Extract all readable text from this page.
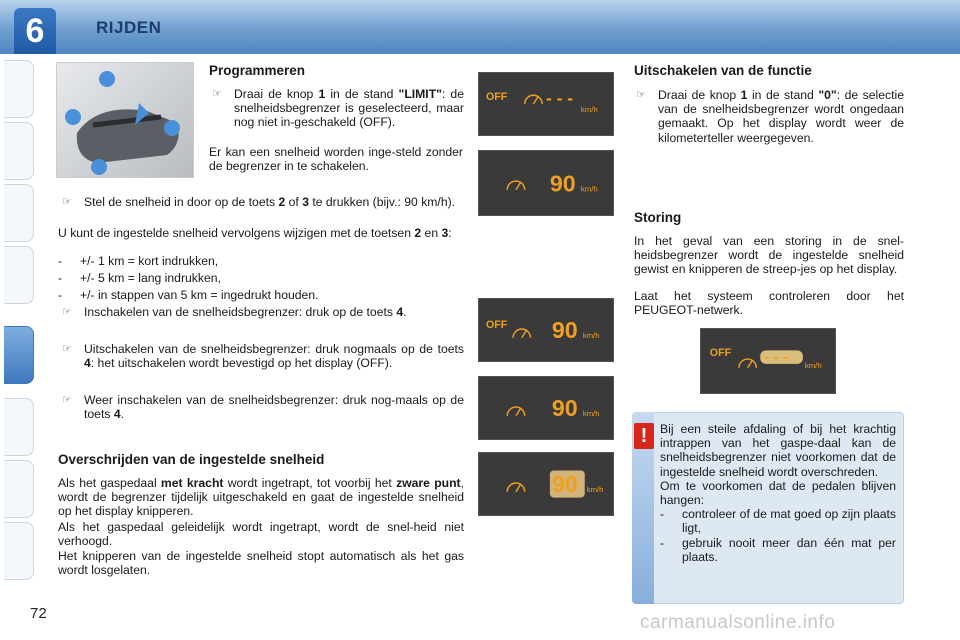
6	RIJDEN
Programmeren
☞ Draai de knop 1 in de stand "LIMIT": de snelheidsbegrenzer is geselecteerd, maar nog niet in-geschakeld (OFF).
Er kan een snelheid worden inge-steld zonder de begrenzer in te schakelen.
☞ Stel de snelheid in door op de toets 2 of 3 te drukken (bijv.: 90 km/h).
U kunt de ingestelde snelheid vervolgens wijzigen met de toetsen 2 en 3:
- +/- 1 km = kort indrukken,
- +/- 5 km = lang indrukken,
- +/- in stappen van 5 km = ingedrukt houden.
☞ Inschakelen van de snelheidsbegrenzer: druk op de toets 4.
☞ Uitschakelen van de snelheidsbegrenzer: druk nogmaals op de toets 4: het uitschakelen wordt bevestigd op het display (OFF).
☞ Weer inschakelen van de snelheidsbegrenzer: druk nog-maals op de toets 4.
Overschrijden van de ingestelde snelheid
Als het gaspedaal met kracht wordt ingetrapt, tot voorbij het zware punt, wordt de begrenzer tijdelijk uitgeschakeld en gaat de ingestelde snelheid op het display knipperen.
Als het gaspedaal geleidelijk wordt ingetrapt, wordt de snel-heid niet verhoogd.
Het knipperen van de ingestelde snelheid stopt automatisch als het gas wordt losgelaten.
OFF - - -
km/h
90 km/h
OFF 90 km/h
90 km/h
90 km/h
Uitschakelen van de functie
☞ Draai de knop 1 in de stand "0": de selectie van de snelheidsbegrenzer wordt ongedaan gemaakt. Op het display wordt weer de kilometerteller weergegeven.
Storing
In het geval van een storing in de snel-heidsbegrenzer wordt de ingestelde snelheid gewist en knipperen de streep-jes op het display.
Laat het systeem controleren door het PEUGEOT-netwerk.
OFF - - - km/h
!	Bij een steile afdaling of bij het krachtig intrappen van het gaspe-daal kan de snelheidsbegrenzer niet voorkomen dat de ingestelde snelheid wordt overschreden.
Om te voorkomen dat de pedalen blijven hangen:
- controleer of de mat goed op zijn plaats ligt,
- gebruik nooit meer dan één mat per plaats.
72	carmanualsonline.info
